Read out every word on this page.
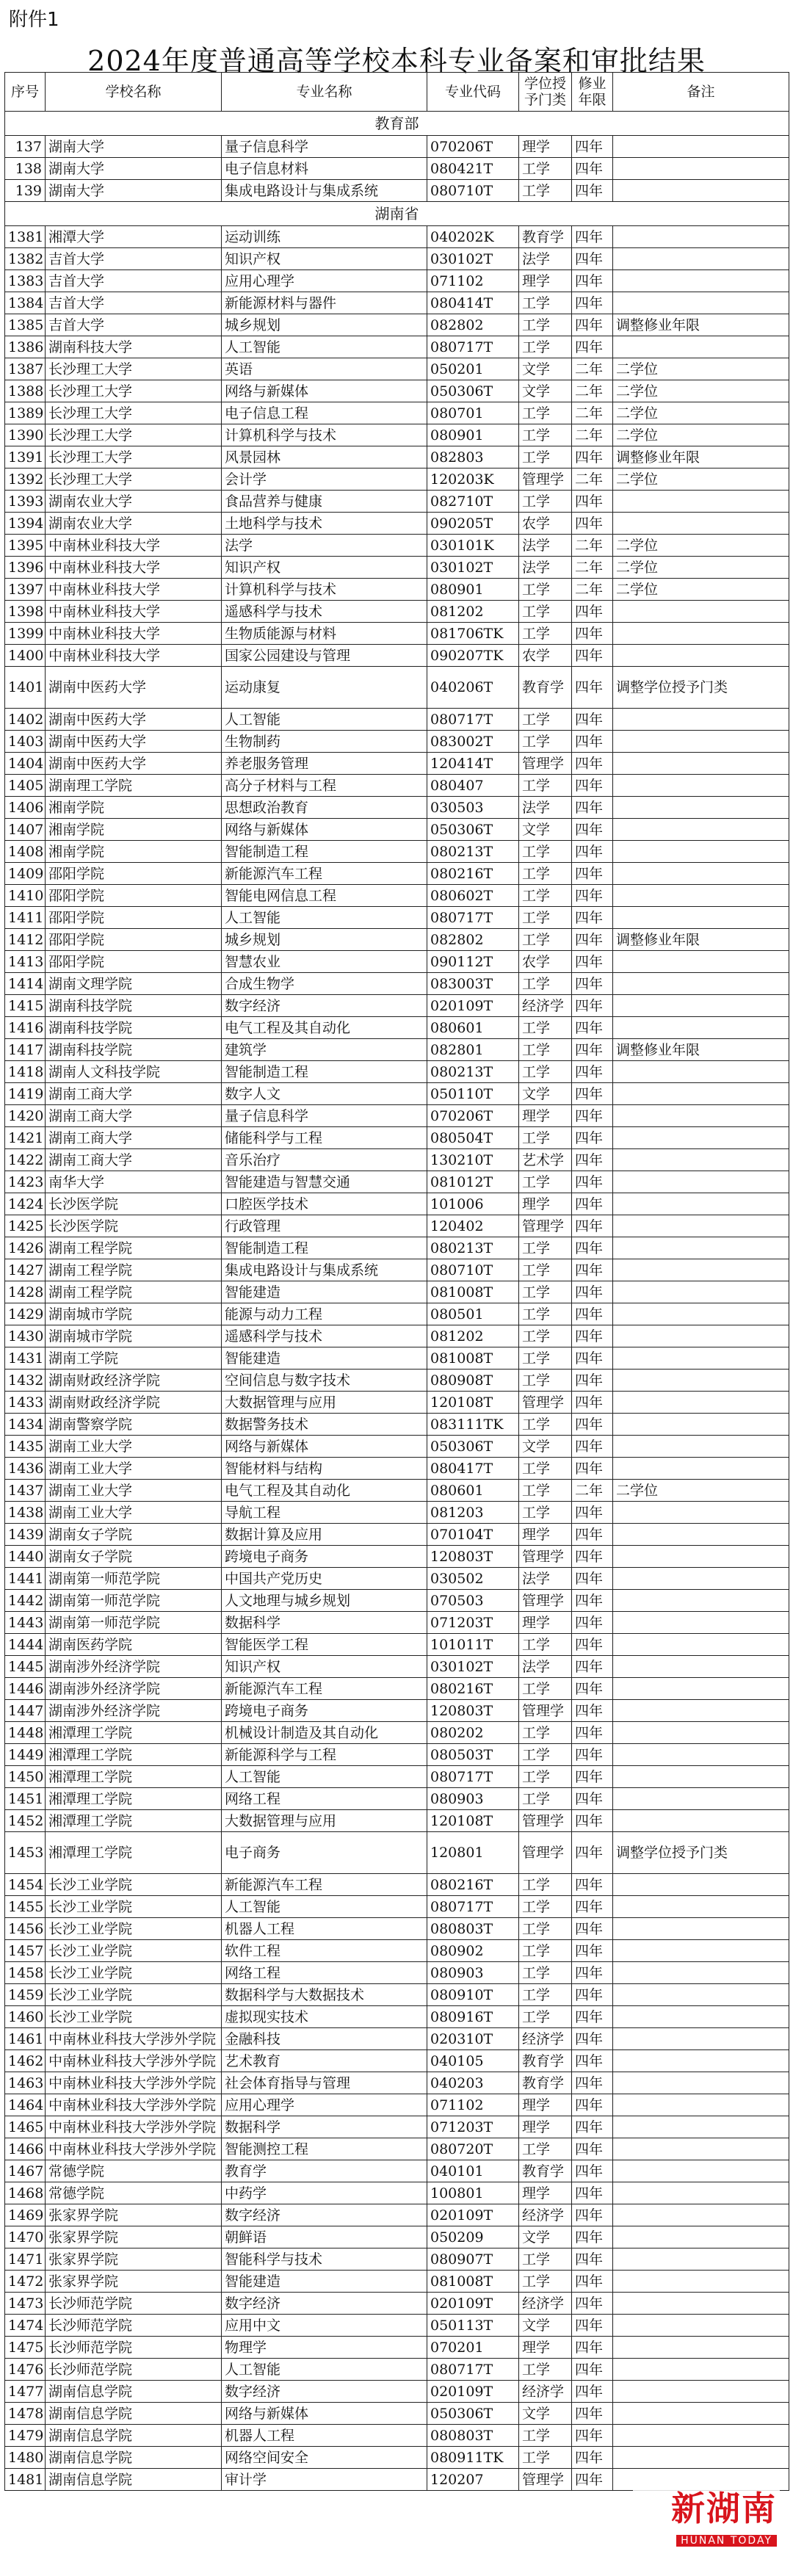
附件1
2024年度普通高等学校本科专业备案和审批结果
序号	学校名称	专业名称	专业代码	学位授予门类	修业年限	备注
教育部						
137	湖南大学	量子信息科学	070206T	理学	四年	
138	湖南大学	电子信息材料	080421T	工学	四年	
139	湖南大学	集成电路设计与集成系统	080710T	工学	四年	
湖南省						
1381	湘潭大学	运动训练	040202K	教育学	四年	
1382	吉首大学	知识产权	030102T	法学	四年	
1383	吉首大学	应用心理学	071102	理学	四年	
1384	吉首大学	新能源材料与器件	080414T	工学	四年	
1385	吉首大学	城乡规划	082802	工学	四年	调整修业年限
1386	湖南科技大学	人工智能	080717T	工学	四年	
1387	长沙理工大学	英语	050201	文学	二年	二学位
1388	长沙理工大学	网络与新媒体	050306T	文学	二年	二学位
1389	长沙理工大学	电子信息工程	080701	工学	二年	二学位
1390	长沙理工大学	计算机科学与技术	080901	工学	二年	二学位
1391	长沙理工大学	风景园林	082803	工学	四年	调整修业年限
1392	长沙理工大学	会计学	120203K	管理学	二年	二学位
1393	湖南农业大学	食品营养与健康	082710T	工学	四年	
1394	湖南农业大学	土地科学与技术	090205T	农学	四年	
1395	中南林业科技大学	法学	030101K	法学	二年	二学位
1396	中南林业科技大学	知识产权	030102T	法学	二年	二学位
1397	中南林业科技大学	计算机科学与技术	080901	工学	二年	二学位
1398	中南林业科技大学	遥感科学与技术	081202	工学	四年	
1399	中南林业科技大学	生物质能源与材料	081706TK	工学	四年	
1400	中南林业科技大学	国家公园建设与管理	090207TK	农学	四年	
1401	湖南中医药大学	运动康复	040206T	教育学	四年	调整学位授予门类
1402	湖南中医药大学	人工智能	080717T	工学	四年	
1403	湖南中医药大学	生物制药	083002T	工学	四年	
1404	湖南中医药大学	养老服务管理	120414T	管理学	四年	
1405	湖南理工学院	高分子材料与工程	080407	工学	四年	
1406	湘南学院	思想政治教育	030503	法学	四年	
1407	湘南学院	网络与新媒体	050306T	文学	四年	
1408	湘南学院	智能制造工程	080213T	工学	四年	
1409	邵阳学院	新能源汽车工程	080216T	工学	四年	
1410	邵阳学院	智能电网信息工程	080602T	工学	四年	
1411	邵阳学院	人工智能	080717T	工学	四年	
1412	邵阳学院	城乡规划	082802	工学	四年	调整修业年限
1413	邵阳学院	智慧农业	090112T	农学	四年	
1414	湖南文理学院	合成生物学	083003T	工学	四年	
1415	湖南科技学院	数字经济	020109T	经济学	四年	
1416	湖南科技学院	电气工程及其自动化	080601	工学	四年	
1417	湖南科技学院	建筑学	082801	工学	四年	调整修业年限
1418	湖南人文科技学院	智能制造工程	080213T	工学	四年	
1419	湖南工商大学	数字人文	050110T	文学	四年	
1420	湖南工商大学	量子信息科学	070206T	理学	四年	
1421	湖南工商大学	储能科学与工程	080504T	工学	四年	
1422	湖南工商大学	音乐治疗	130210T	艺术学	四年	
1423	南华大学	智能建造与智慧交通	081012T	工学	四年	
1424	长沙医学院	口腔医学技术	101006	理学	四年	
1425	长沙医学院	行政管理	120402	管理学	四年	
1426	湖南工程学院	智能制造工程	080213T	工学	四年	
1427	湖南工程学院	集成电路设计与集成系统	080710T	工学	四年	
1428	湖南工程学院	智能建造	081008T	工学	四年	
1429	湖南城市学院	能源与动力工程	080501	工学	四年	
1430	湖南城市学院	遥感科学与技术	081202	工学	四年	
1431	湖南工学院	智能建造	081008T	工学	四年	
1432	湖南财政经济学院	空间信息与数字技术	080908T	工学	四年	
1433	湖南财政经济学院	大数据管理与应用	120108T	管理学	四年	
1434	湖南警察学院	数据警务技术	083111TK	工学	四年	
1435	湖南工业大学	网络与新媒体	050306T	文学	四年	
1436	湖南工业大学	智能材料与结构	080417T	工学	四年	
1437	湖南工业大学	电气工程及其自动化	080601	工学	二年	二学位
1438	湖南工业大学	导航工程	081203	工学	四年	
1439	湖南女子学院	数据计算及应用	070104T	理学	四年	
1440	湖南女子学院	跨境电子商务	120803T	管理学	四年	
1441	湖南第一师范学院	中国共产党历史	030502	法学	四年	
1442	湖南第一师范学院	人文地理与城乡规划	070503	管理学	四年	
1443	湖南第一师范学院	数据科学	071203T	理学	四年	
1444	湖南医药学院	智能医学工程	101011T	工学	四年	
1445	湖南涉外经济学院	知识产权	030102T	法学	四年	
1446	湖南涉外经济学院	新能源汽车工程	080216T	工学	四年	
1447	湖南涉外经济学院	跨境电子商务	120803T	管理学	四年	
1448	湘潭理工学院	机械设计制造及其自动化	080202	工学	四年	
1449	湘潭理工学院	新能源科学与工程	080503T	工学	四年	
1450	湘潭理工学院	人工智能	080717T	工学	四年	
1451	湘潭理工学院	网络工程	080903	工学	四年	
1452	湘潭理工学院	大数据管理与应用	120108T	管理学	四年	
1453	湘潭理工学院	电子商务	120801	管理学	四年	调整学位授予门类
1454	长沙工业学院	新能源汽车工程	080216T	工学	四年	
1455	长沙工业学院	人工智能	080717T	工学	四年	
1456	长沙工业学院	机器人工程	080803T	工学	四年	
1457	长沙工业学院	软件工程	080902	工学	四年	
1458	长沙工业学院	网络工程	080903	工学	四年	
1459	长沙工业学院	数据科学与大数据技术	080910T	工学	四年	
1460	长沙工业学院	虚拟现实技术	080916T	工学	四年	
1461	中南林业科技大学涉外学院	金融科技	020310T	经济学	四年	
1462	中南林业科技大学涉外学院	艺术教育	040105	教育学	四年	
1463	中南林业科技大学涉外学院	社会体育指导与管理	040203	教育学	四年	
1464	中南林业科技大学涉外学院	应用心理学	071102	理学	四年	
1465	中南林业科技大学涉外学院	数据科学	071203T	理学	四年	
1466	中南林业科技大学涉外学院	智能测控工程	080720T	工学	四年	
1467	常德学院	教育学	040101	教育学	四年	
1468	常德学院	中药学	100801	理学	四年	
1469	张家界学院	数字经济	020109T	经济学	四年	
1470	张家界学院	朝鲜语	050209	文学	四年	
1471	张家界学院	智能科学与技术	080907T	工学	四年	
1472	张家界学院	智能建造	081008T	工学	四年	
1473	长沙师范学院	数字经济	020109T	经济学	四年	
1474	长沙师范学院	应用中文	050113T	文学	四年	
1475	长沙师范学院	物理学	070201	理学	四年	
1476	长沙师范学院	人工智能	080717T	工学	四年	
1477	湖南信息学院	数字经济	020109T	经济学	四年	
1478	湖南信息学院	网络与新媒体	050306T	文学	四年	
1479	湖南信息学院	机器人工程	080803T	工学	四年	
1480	湖南信息学院	网络空间安全	080911TK	工学	四年	
1481	湖南信息学院	审计学	120207	管理学	四年	
新湖南
HUNAN TODAY
